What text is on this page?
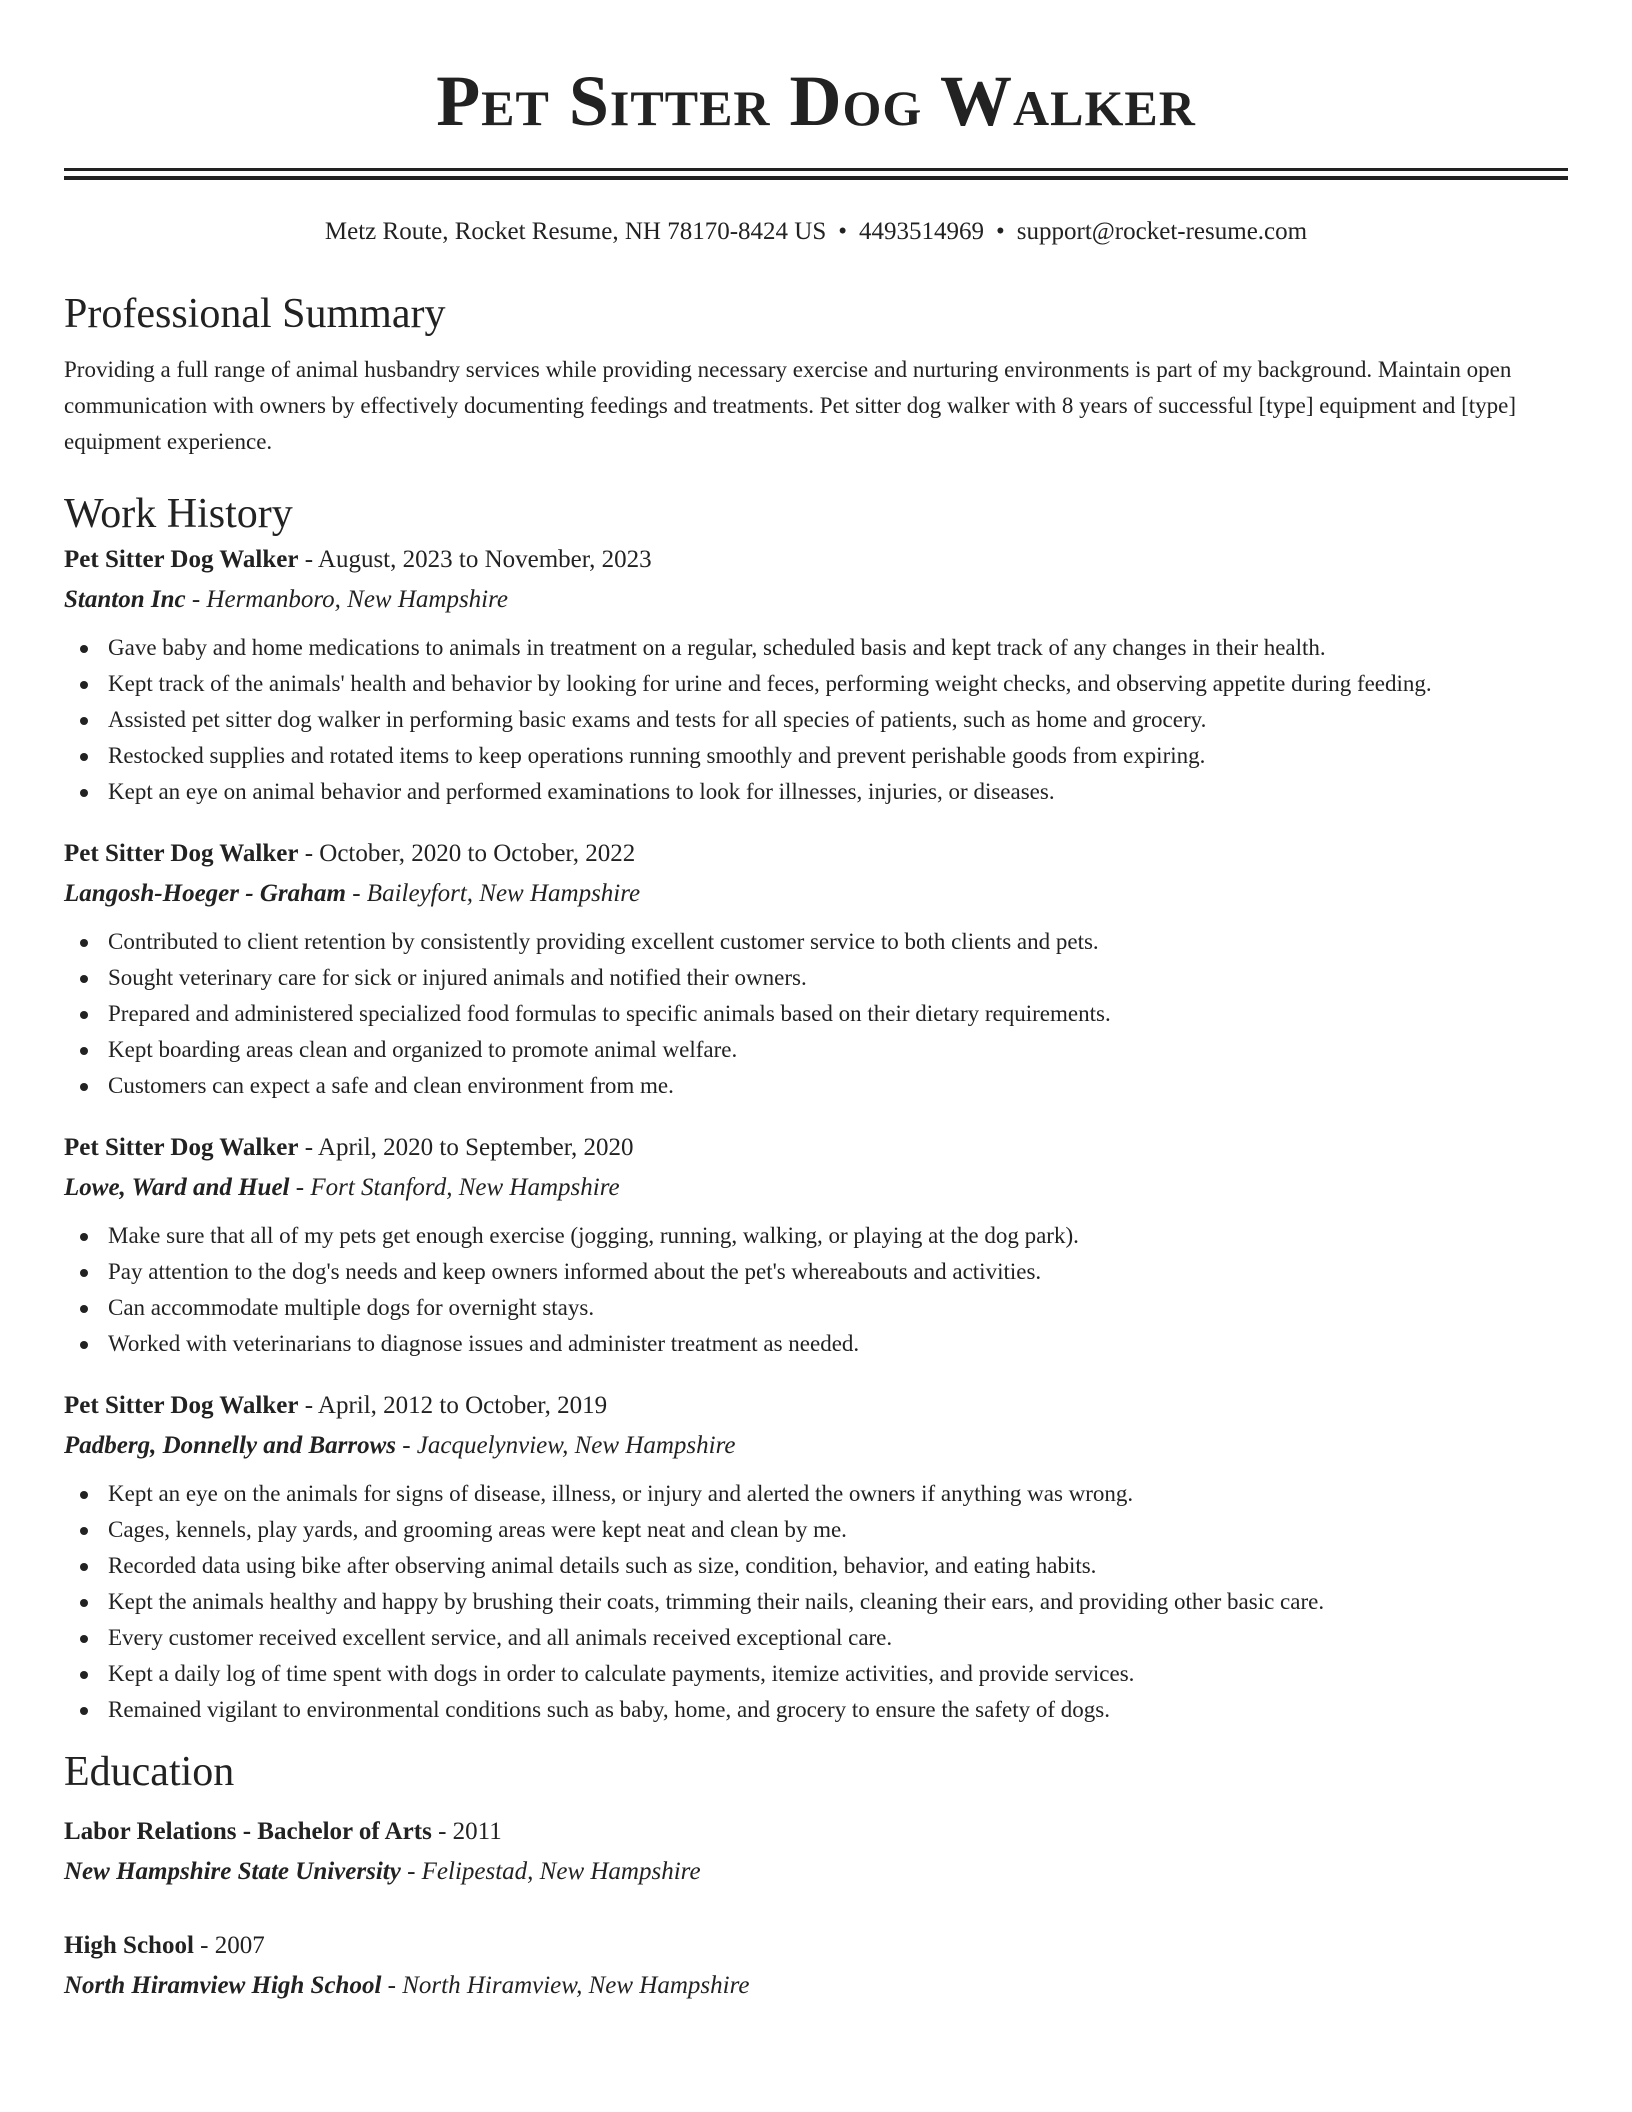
Pet Sitter Dog Walker
Metz Route, Rocket Resume, NH 78170-8424 US • 4493514969 • support@rocket-resume.com
Professional Summary

Providing a full range of animal husbandry services while providing necessary exercise and nurturing environments is part of my background. Maintain open communication with owners by effectively documenting feedings and treatments. Pet sitter dog walker with 8 years of successful [type] equipment and [type] equipment experience.

Work History
Pet Sitter Dog Walker - August, 2023 to November, 2023
Stanton Inc - Hermanboro, New Hampshire
Gave baby and home medications to animals in treatment on a regular, scheduled basis and kept track of any changes in their health.
Kept track of the animals' health and behavior by looking for urine and feces, performing weight checks, and observing appetite during feeding.
Assisted pet sitter dog walker in performing basic exams and tests for all species of patients, such as home and grocery.
Restocked supplies and rotated items to keep operations running smoothly and prevent perishable goods from expiring.
Kept an eye on animal behavior and performed examinations to look for illnesses, injuries, or diseases.
Pet Sitter Dog Walker - October, 2020 to October, 2022
Langosh-Hoeger - Graham - Baileyfort, New Hampshire
Contributed to client retention by consistently providing excellent customer service to both clients and pets.
Sought veterinary care for sick or injured animals and notified their owners.
Prepared and administered specialized food formulas to specific animals based on their dietary requirements.
Kept boarding areas clean and organized to promote animal welfare.
Customers can expect a safe and clean environment from me.
Pet Sitter Dog Walker - April, 2020 to September, 2020
Lowe, Ward and Huel - Fort Stanford, New Hampshire
Make sure that all of my pets get enough exercise (jogging, running, walking, or playing at the dog park).
Pay attention to the dog's needs and keep owners informed about the pet's whereabouts and activities.
Can accommodate multiple dogs for overnight stays.
Worked with veterinarians to diagnose issues and administer treatment as needed.
Pet Sitter Dog Walker - April, 2012 to October, 2019
Padberg, Donnelly and Barrows - Jacquelynview, New Hampshire
Kept an eye on the animals for signs of disease, illness, or injury and alerted the owners if anything was wrong.
Cages, kennels, play yards, and grooming areas were kept neat and clean by me.
Recorded data using bike after observing animal details such as size, condition, behavior, and eating habits.
Kept the animals healthy and happy by brushing their coats, trimming their nails, cleaning their ears, and providing other basic care.
Every customer received excellent service, and all animals received exceptional care.
Kept a daily log of time spent with dogs in order to calculate payments, itemize activities, and provide services.
Remained vigilant to environmental conditions such as baby, home, and grocery to ensure the safety of dogs.
Education
Labor Relations - Bachelor of Arts - 2011
New Hampshire State University - Felipestad, New Hampshire
High School - 2007
North Hiramview High School - North Hiramview, New Hampshire
